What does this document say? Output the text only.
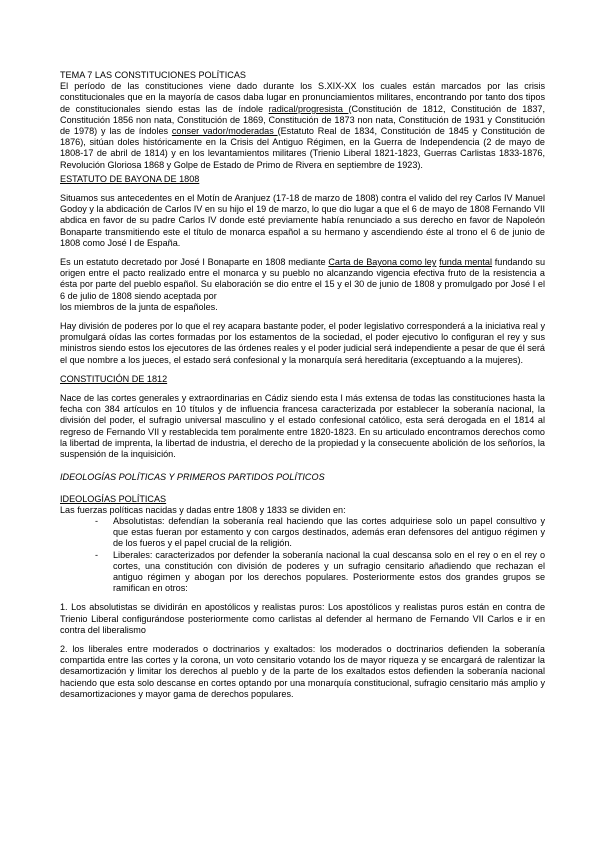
TEMA 7 LAS CONSTITUCIONES POLÍTICAS

El período de las constituciones viene dado durante los S.XIX-XX los cuales están marcados por las crisis constitucionales que en la mayoría de casos daba lugar en pronunciamientos militares, encontrando por tanto dos tipos de constitucionales siendo estas las de índole radical/progresista (Constitución de 1812, Constitución de 1837, Constitución 1856 non nata, Constitución de 1869, Constitución de 1873 non nata, Constitución de 1931 y Constitución de 1978) y las de índoles conser vador/moderadas (Estatuto Real de 1834, Constitución de 1845 y Constitución de 1876), sitúan doles históricamente en la Crisis del Antiguo Régimen, en la Guerra de Independencia (2 de mayo de 1808-17 de abril de 1814) y en los levantamientos militares (Trienio Liberal 1821-1823, Guerras Carlistas 1833-1876, Revolución Gloriosa 1868 y Golpe de Estado de Primo de Rivera en septiembre de 1923).

ESTATUTO DE BAYONA DE 1808

Situamos sus antecedentes en el Motín de Aranjuez (17-18 de marzo de 1808) contra el valido del rey Carlos IV Manuel Godoy y la abdicación de Carlos IV en su hijo el 19 de marzo, lo que dio lugar a que el 6 de mayo de 1808 Fernando VII abdica en favor de su padre Carlos IV donde esté previamente había renunciado a sus derecho en favor de Napoleón Bonaparte transmitiendo este el título de monarca español a su hermano y ascendiendo éste al trono el 6 de junio de 1808 como José I de España.

Es un estatuto decretado por José I Bonaparte en 1808 mediante Carta de Bayona como ley funda mental fundando su origen entre el pacto realizado entre el monarca y su pueblo no alcanzando vigencia efectiva fruto de la resistencia a ésta por parte del pueblo español. Su elaboración se dio entre el 15 y el 30 de junio de 1808 y promulgado por José I el 6 de julio de 1808 siendo aceptada por

los miembros de la junta de españoles.

Hay división de poderes por lo que el rey acapara bastante poder, el poder legislativo corresponderá a la iniciativa real y promulgará oídas las cortes formadas por los estamentos de la sociedad, el poder ejecutivo lo configuran el rey y sus ministros siendo estos los ejecutores de las órdenes reales y el poder judicial será independiente a pesar de que él será el que nombre a los jueces, el estado será confesional y la monarquía será hereditaria (exceptuando a la mujeres).

CONSTITUCIÓN DE 1812

Nace de las cortes generales y extraordinarias en Cádiz siendo esta l más extensa de todas las constituciones hasta la fecha con 384 artículos en 10 títulos y de influencia francesa caracterizada por establecer la soberanía nacional, la división del poder, el sufragio universal masculino y el estado confesional católico, esta será derogada en el 1814 al regreso de Fernando VII y restablecida tem poralmente entre 1820-1823. En su articulado encontramos derechos como la libertad de imprenta, la libertad de industria, el derecho de la propiedad y la consecuente abolición de los señoríos, la suspensión de la inquisición.

IDEOLOGÍAS POLÍTICAS Y PRIMEROS PARTIDOS POLÍTICOS

IDEOLOGÍAS POLÍTICAS

Las fuerzas políticas nacidas y dadas entre 1808 y 1833 se dividen en:

- Absolutistas: defendían la soberanía real haciendo que las cortes adquiriese solo un papel consultivo y que estas fueran por estamento y con cargos destinados, además eran defensores del antiguo régimen y de los fueros y el papel crucial de la religión.
- Liberales: caracterizados por defender la soberanía nacional la cual descansa solo en el rey o en el rey o cortes, una constitución con división de poderes y un sufragio censitario añadiendo que rechazan el antiguo régimen y abogan por los derechos populares. Posteriormente estos dos grandes grupos se ramifican en otros:

1. Los absolutistas se dividirán en apostólicos y realistas puros: Los apostólicos y realistas puros están en contra de Trienio Liberal configurándose posteriormente como carlistas al defender al hermano de Fernando VII Carlos e ir en contra del liberalismo

2. los liberales entre moderados o doctrinarios y exaltados: los moderados o doctrinarios defienden la soberanía compartida entre las cortes y la corona, un voto censitario votando los de mayor riqueza y se encargará de ralentizar la desamortización y limitar los derechos al pueblo y de la parte de los exaltados estos defienden la soberanía nacional haciendo que esta solo descanse en cortes optando por una monarquía constitucional, sufragio censitario más amplio y desamortizaciones y mayor gama de derechos populares.
